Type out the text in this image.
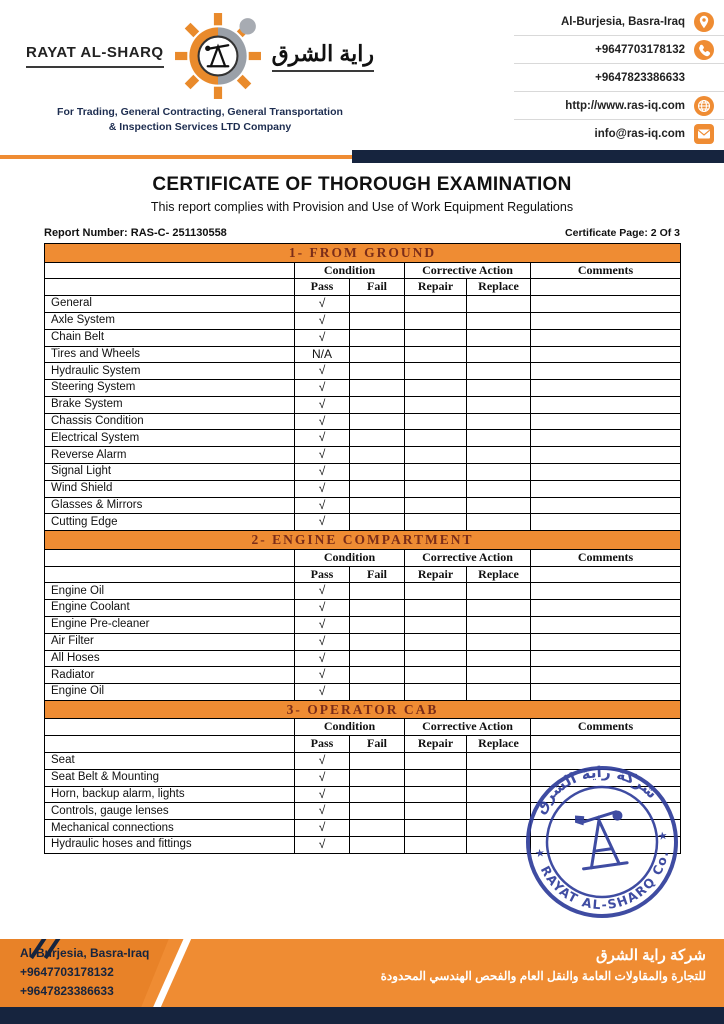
RAYAT AL-SHARQ	راية الشرق
For Trading, General Contracting, General Transportation
& Inspection Services LTD Company
Al-Burjesia, Basra-Iraq
+9647703178132
+9647823386633
http://www.ras-iq.com
info@ras-iq.com
CERTIFICATE OF THOROUGH EXAMINATION
This report complies with Provision and Use of Work Equipment Regulations
Report Number: RAS-C- 251130558	Certificate Page: 2 Of 3
1- FROM GROUND					
	Condition		Corrective Action		Comments
	Pass	Fail	Repair	Replace	
General	√				
Axle System	√				
Chain Belt	√				
Tires and Wheels	N/A				
Hydraulic System	√				
Steering System	√				
Brake System	√				
Chassis Condition	√				
Electrical System	√				
Reverse Alarm	√				
Signal Light	√				
Wind Shield	√				
Glasses & Mirrors	√				
Cutting Edge	√				
2- ENGINE COMPARTMENT					
	Condition		Corrective Action		Comments
	Pass	Fail	Repair	Replace	
Engine Oil	√				
Engine Coolant	√				
Engine Pre-cleaner	√				
Air Filter	√				
All Hoses	√				
Radiator	√				
Engine Oil	√				
3- OPERATOR CAB					
	Condition		Corrective Action		Comments
	Pass	Fail	Repair	Replace	
Seat	√				
Seat Belt & Mounting	√				
Horn, backup alarm, lights	√				
Controls, gauge lenses	√				
Mechanical connections	√				
Hydraulic hoses and fittings	√				
شركة راية الشرق
RAYAT AL-SHARQ Co.
★
★
Al-Burjesia, Basra-Iraq
+9647703178132
+9647823386633
شركة راية الشرق
للتجارة والمقاولات العامة والنقل العام والفحص الهندسي المحدودة
